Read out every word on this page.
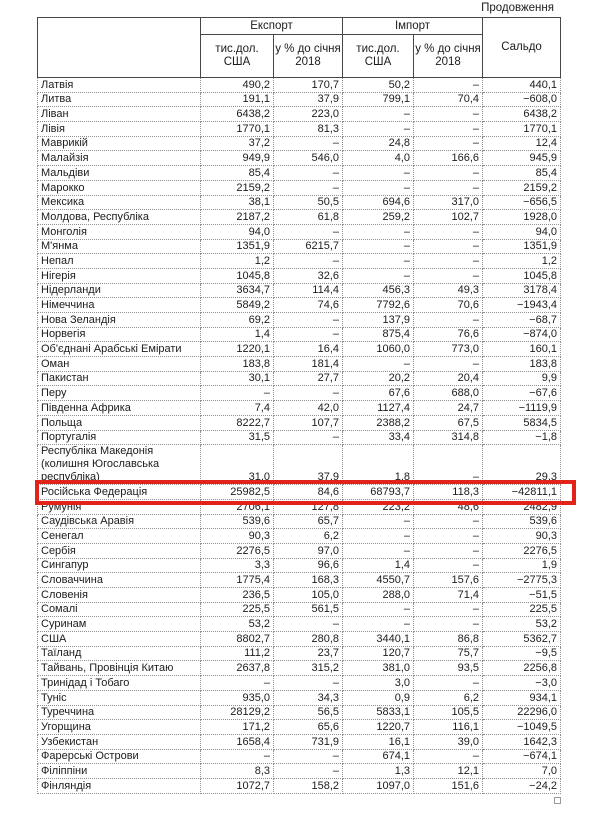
Продовження
	Експорт		Імпорт		Сальдо
	тис.дол. США	у % до січня 2018	тис.дол. США	у % до січня 2018	
Латвія	490,2	170,7	50,2	–	440,1
Литва	191,1	37,9	799,1	70,4	−608,0
Ліван	6438,2	223,0	–	–	6438,2
Лівія	1770,1	81,3	–	–	1770,1
Маврикій	37,2	–	24,8	–	12,4
Малайзія	949,9	546,0	4,0	166,6	945,9
Мальдіви	85,4	–	–	–	85,4
Марокко	2159,2	–	–	–	2159,2
Мексика	38,1	50,5	694,6	317,0	−656,5
Молдова, Республіка	2187,2	61,8	259,2	102,7	1928,0
Монголія	94,0	–	–	–	94,0
М'янма	1351,9	6215,7	–	–	1351,9
Непал	1,2	–	–	–	1,2
Нігерія	1045,8	32,6	–	–	1045,8
Нідерланди	3634,7	114,4	456,3	49,3	3178,4
Німеччина	5849,2	74,6	7792,6	70,6	−1943,4
Нова Зеландія	69,2	–	137,9	–	−68,7
Норвегія	1,4	–	875,4	76,6	−874,0
Об'єднані Арабські Емірати	1220,1	16,4	1060,0	773,0	160,1
Оман	183,8	181,4	–	–	183,8
Пакистан	30,1	27,7	20,2	20,4	9,9
Перу	–	–	67,6	688,0	−67,6
Південна Африка	7,4	42,0	1127,4	24,7	−1119,9
Польща	8222,7	107,7	2388,2	67,5	5834,5
Португалія	31,5	–	33,4	314,8	−1,8
Республіка Македонія (колишня Югославська республіка)	31,0	37,9	1,8	–	29,3
Російська Федерація	25982,5	84,6	68793,7	118,3	−42811,1
Румунія	2706,1	127,8	223,2	48,6	2482,9
Саудівська Аравія	539,6	65,7	–	–	539,6
Сенегал	90,3	6,2	–	–	90,3
Сербія	2276,5	97,0	–	–	2276,5
Сингапур	3,3	96,6	1,4	–	1,9
Словаччина	1775,4	168,3	4550,7	157,6	−2775,3
Словенія	236,5	105,0	288,0	71,4	−51,5
Сомалі	225,5	561,5	–	–	225,5
Суринам	53,2	–	–	–	53,2
США	8802,7	280,8	3440,1	86,8	5362,7
Таїланд	111,2	23,7	120,7	75,7	−9,5
Тайвань, Провінція Китаю	2637,8	315,2	381,0	93,5	2256,8
Тринідад і Тобаго	–	–	3,0	–	−3,0
Туніс	935,0	34,3	0,9	6,2	934,1
Туреччина	28129,2	56,5	5833,1	105,5	22296,0
Угорщина	171,2	65,6	1220,7	116,1	−1049,5
Узбекистан	1658,4	731,9	16,1	39,0	1642,3
Фарерські Острови	–	–	674,1	–	−674,1
Філіппіни	8,3	–	1,3	12,1	7,0
Фінляндія	1072,7	158,2	1097,0	151,6	−24,2
